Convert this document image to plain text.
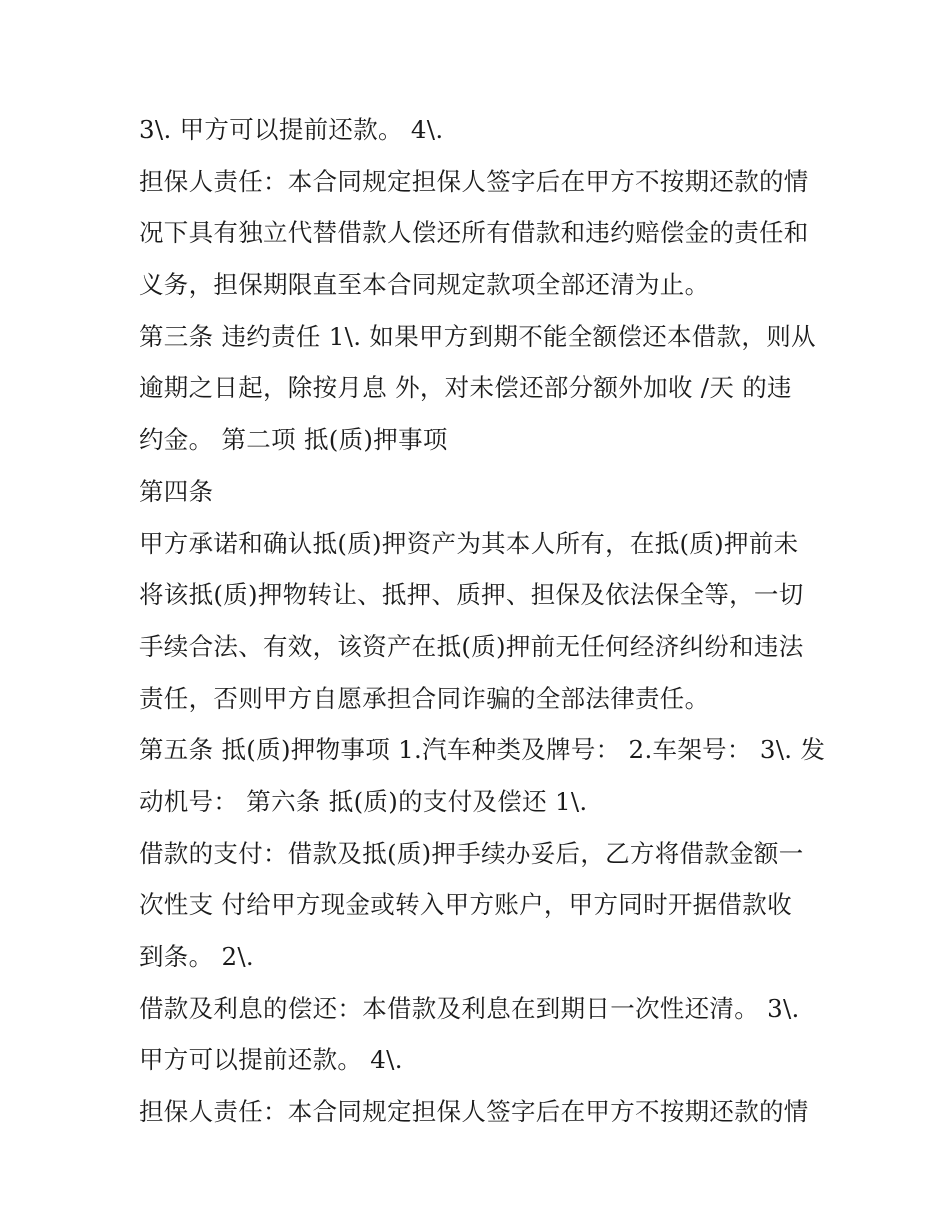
3\. 甲方可以提前还款。 4\.
担保人责任：本合同规定担保人签字后在甲方不按期还款的情
况下具有独立代替借款人偿还所有借款和违约赔偿金的责任和
义务，担保期限直至本合同规定款项全部还清为止。
第三条 违约责任 1\. 如果甲方到期不能全额偿还本借款，则从
逾期之日起，除按月息 外，对未偿还部分额外加收 /天 的违
约金。 第二项 抵(质)押事项
第四条
甲方承诺和确认抵(质)押资产为其本人所有，在抵(质)押前未
将该抵(质)押物转让、抵押、质押、担保及依法保全等，一切
手续合法、有效，该资产在抵(质)押前无任何经济纠纷和违法
责任，否则甲方自愿承担合同诈骗的全部法律责任。
第五条 抵(质)押物事项 1.汽车种类及牌号： 2.车架号： 3\. 发
动机号： 第六条 抵(质)的支付及偿还 1\.
借款的支付：借款及抵(质)押手续办妥后，乙方将借款金额一
次性支 付给甲方现金或转入甲方账户，甲方同时开据借款收
到条。 2\.
借款及利息的偿还：本借款及利息在到期日一次性还清。 3\.
甲方可以提前还款。 4\.
担保人责任：本合同规定担保人签字后在甲方不按期还款的情
